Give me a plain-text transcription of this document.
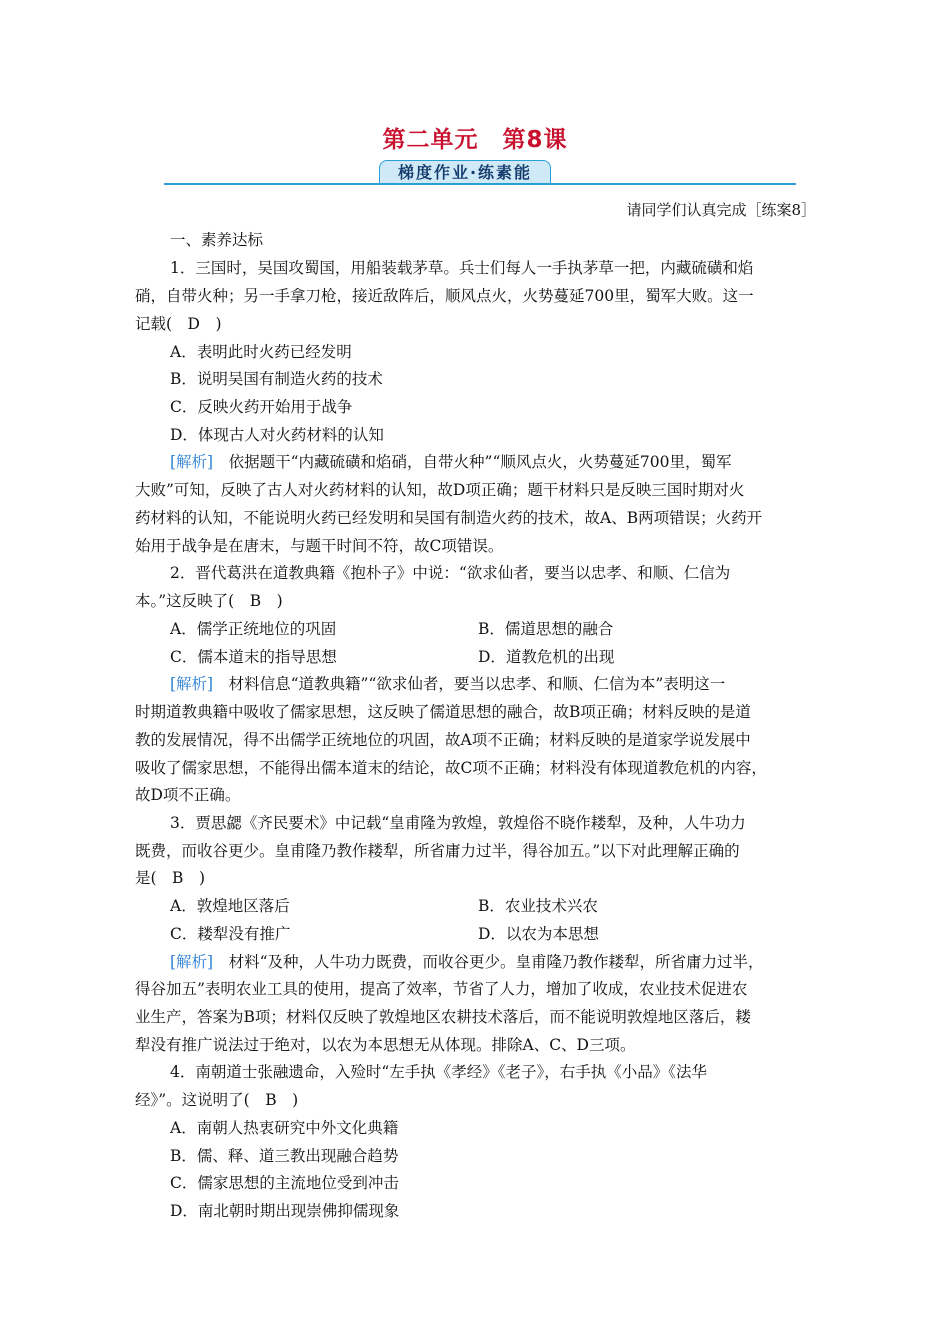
第二单元　第8课
梯度作业·练素能
请同学们认真完成［练案8］
一、素养达标
1．三国时，吴国攻蜀国，用船装载茅草。兵士们每人一手执茅草一把，内藏硫磺和焰
硝，自带火种；另一手拿刀枪，接近敌阵后，顺风点火，火势蔓延700里，蜀军大败。这一
记载(　D　)
A．表明此时火药已经发明
B．说明吴国有制造火药的技术
C．反映火药开始用于战争
D．体现古人对火药材料的认知
[解析]　依据题干“内藏硫磺和焰硝，自带火种”“顺风点火，火势蔓延700里，蜀军
大败”可知，反映了古人对火药材料的认知，故D项正确；题干材料只是反映三国时期对火
药材料的认知，不能说明火药已经发明和吴国有制造火药的技术，故A、B两项错误；火药开
始用于战争是在唐末，与题干时间不符，故C项错误。
2．晋代葛洪在道教典籍《抱朴子》中说：“欲求仙者，要当以忠孝、和顺、仁信为
本。”这反映了(　B　)
A．儒学正统地位的巩固	B．儒道思想的融合
C．儒本道末的指导思想	D．道教危机的出现
[解析]　材料信息“道教典籍”“欲求仙者，要当以忠孝、和顺、仁信为本”表明这一
时期道教典籍中吸收了儒家思想，这反映了儒道思想的融合，故B项正确；材料反映的是道
教的发展情况，得不出儒学正统地位的巩固，故A项不正确；材料反映的是道家学说发展中
吸收了儒家思想，不能得出儒本道末的结论，故C项不正确；材料没有体现道教危机的内容，
故D项不正确。
3．贾思勰《齐民要术》中记载“皇甫隆为敦煌，敦煌俗不晓作耧犁，及种，人牛功力
既费，而收谷更少。皇甫隆乃教作耧犁，所省庸力过半，得谷加五。”以下对此理解正确的
是(　B　)
A．敦煌地区落后	B．农业技术兴农
C．耧犁没有推广	D．以农为本思想
[解析]　材料“及种，人牛功力既费，而收谷更少。皇甫隆乃教作耧犁，所省庸力过半，
得谷加五”表明农业工具的使用，提高了效率，节省了人力，增加了收成，农业技术促进农
业生产，答案为B项；材料仅反映了敦煌地区农耕技术落后，而不能说明敦煌地区落后，耧
犁没有推广说法过于绝对，以农为本思想无从体现。排除A、C、D三项。
4．南朝道士张融遗命，入殓时“左手执《孝经》《老子》，右手执《小品》《法华
经》”。这说明了(　B　)
A．南朝人热衷研究中外文化典籍
B．儒、释、道三教出现融合趋势
C．儒家思想的主流地位受到冲击
D．南北朝时期出现崇佛抑儒现象
